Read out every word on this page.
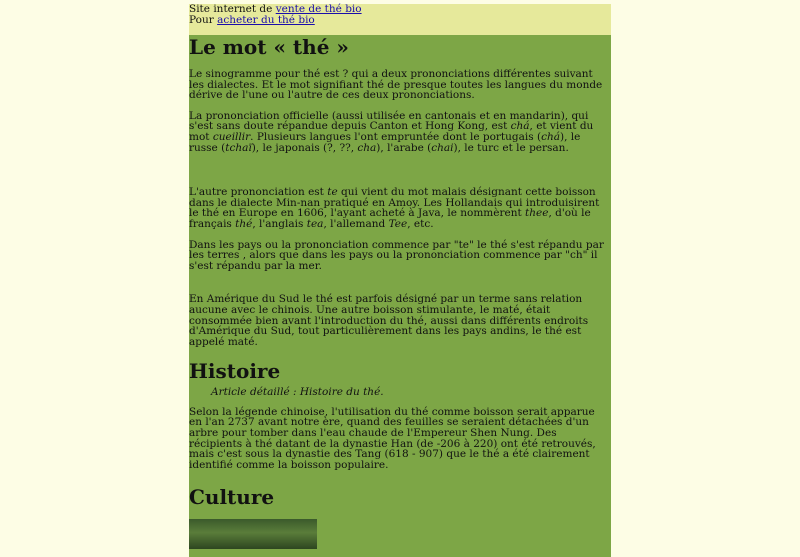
Site internet de vente de thé bio
Pour acheter du thé bio
Le mot « thé »

Le sinogramme pour thé est ? qui a deux prononciations différentes suivant les dialectes. Et le mot signifiant thé de presque toutes les langues du monde dérive de l'une ou l'autre de ces deux prononciations.

La prononciation officielle (aussi utilisée en cantonais et en mandarin), qui s'est sans doute répandue depuis Canton et Hong Kong, est chá, et vient du mot cueillir. Plusieurs langues l'ont empruntée dont le portugais (chá), le russe (tchaï), le japonais (?, ??, cha), l'arabe (chai), le turc et le persan.

L'autre prononciation est te qui vient du mot malais désignant cette boisson dans le dialecte Min-nan pratiqué en Amoy. Les Hollandais qui introduisirent le thé en Europe en 1606, l'ayant acheté à Java, le nommèrent thee, d'où le français thé, l'anglais tea, l'allemand Tee, etc.

Dans les pays ou la prononciation commence par "te" le thé s'est répandu par les terres , alors que dans les pays ou la prononciation commence par "ch" il s'est répandu par la mer.

En Amérique du Sud le thé est parfois désigné par un terme sans relation aucune avec le chinois. Une autre boisson stimulante, le maté, était consommée bien avant l'introduction du thé, aussi dans différents endroits d'Amérique du Sud, tout particulièrement dans les pays andins, le thé est appelé maté.

Histoire

Article détaillé : Histoire du thé.

Selon la légende chinoise, l'utilisation du thé comme boisson serait apparue en l'an 2737 avant notre ère, quand des feuilles se seraient détachées d'un arbre pour tomber dans l'eau chaude de l'Empereur Shen Nung. Des récipients à thé datant de la dynastie Han (de -206 à 220) ont été retrouvés, mais c'est sous la dynastie des Tang (618 - 907) que le thé a été clairement identifié comme la boisson populaire.

Culture
